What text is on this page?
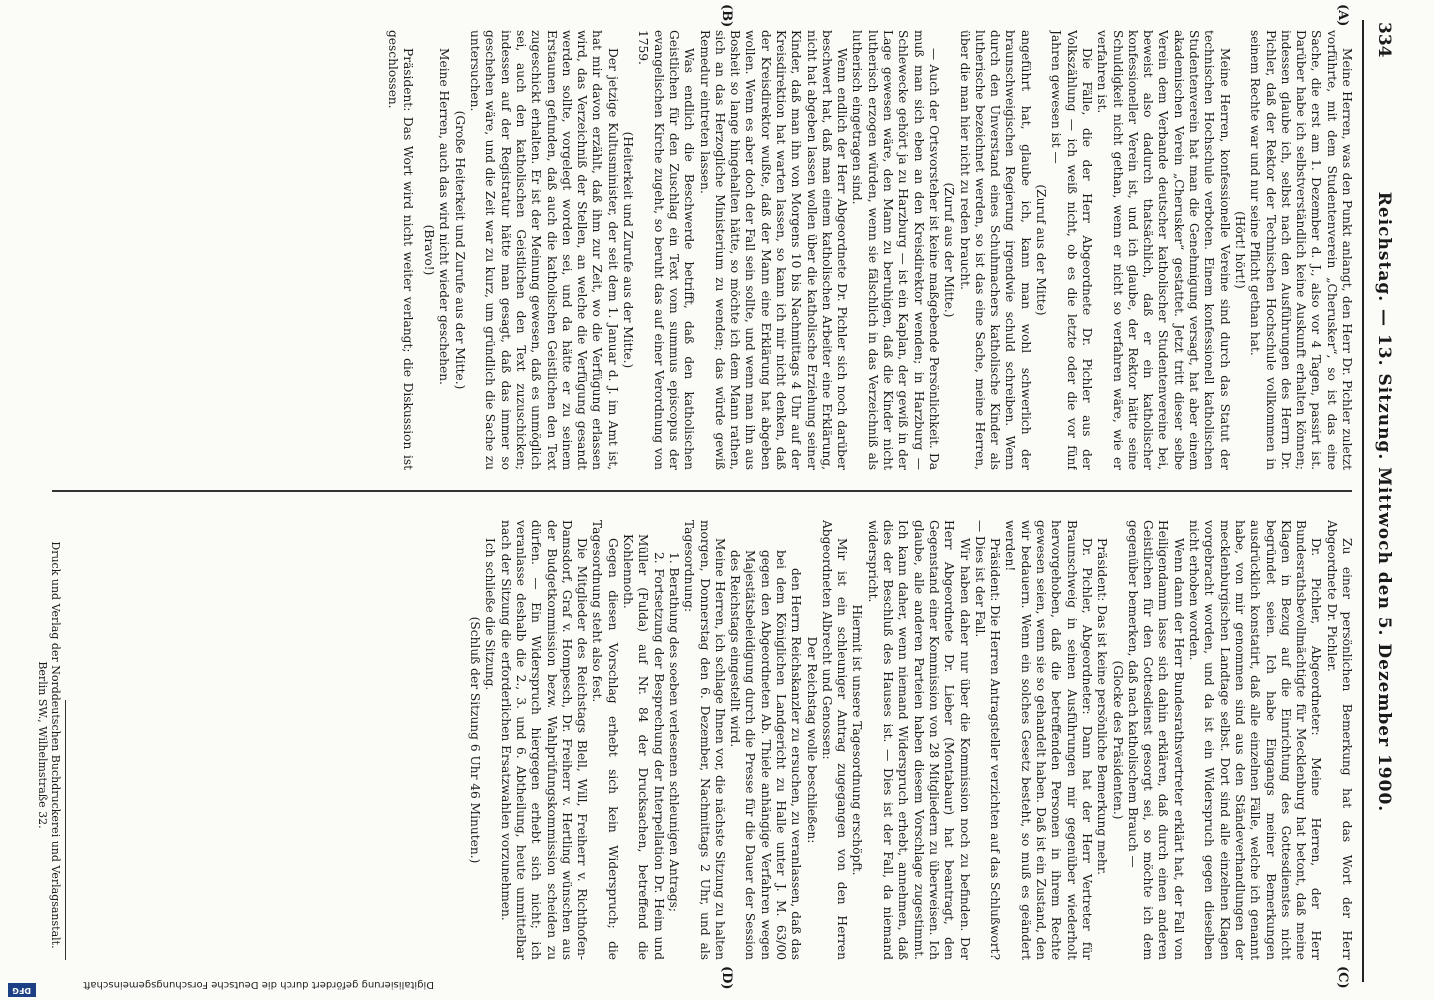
334
Reichstag. — 13. Sitzung. Mittwoch den 5. Dezember 1900.
(A)
(B)
(C)
(D)

Meine Herren, was den Punkt anlangt, den Herr Dr. Pichler zuletzt vorführte, mit dem Studentenverein „Cherusker“, so ist das eine Sache, die erst am 1. Dezember d. J., also vor 4 Tagen, passirt ist. Darüber habe ich selbstverständlich keine Auskunft erhalten können; indessen glaube ich, selbst nach den Ausführungen des Herrn Dr. Pichler, daß der Rektor der Technischen Hochschule vollkommen in seinem Rechte war und nur seine Pflicht gethan hat.

(Hört! hört!)

Meine Herren, konfessionelle Vereine sind durch das Statut der technischen Hochschule verboten. Einem konfessionell katholischen Studentenverein hat man die Genehmigung versagt, hat aber einem akademischen Verein „Cherusker“ gestattet. Jetzt tritt dieser selbe Verein dem Verbande deutscher katholischer Studentenvereine bei, beweist also dadurch thatsächlich, daß er ein katholischer konfessioneller Verein ist, und ich glaube, der Rektor hätte seine Schuldigkeit nicht gethan, wenn er nicht so verfahren wäre, wie er verfahren ist.

Die Fälle, die der Herr Abgeordnete Dr. Pichler aus der Volkszählung — ich weiß nicht, ob es die letzte oder die vor fünf Jahren gewesen ist —

(Zuruf aus der Mitte)

angeführt hat, glaube ich, kann man wohl schwerlich der braunschweigischen Regierung irgendwie schuld schreiben. Wenn durch den Unverstand eines Schuhmachers katholische Kinder als lutherische bezeichnet werden, so ist das eine Sache, meine Herren, über die man hier nicht zu reden braucht.

(Zuruf aus der Mitte.)

— Auch der Ortsvorsteher ist keine maßgebende Persönlichkeit. Da muß man sich eben an den Kreisdirektor wenden; in Harzburg — Schlewecke gehört ja zu Harzburg — ist ein Kaplan, der gewiß in der Lage gewesen wäre, den Mann zu beruhigen, daß die Kinder nicht lutherisch erzogen würden, wenn sie fälschlich in das Verzeichniß als lutherisch eingetragen sind.

Wenn endlich der Herr Abgeordnete Dr. Pichler sich noch darüber beschwert hat, daß man einem katholischen Arbeiter eine Erklärung, nicht hat abgeben lassen wollen über die katholische Erziehung seiner Kinder, daß man ihn von Morgens 10 bis Nachmittags 4 Uhr auf der Kreisdirektion hat warten lassen, so kann ich mir nicht denken, daß der Kreisdirektor wußte, daß der Mann eine Erklärung hat abgeben wollen. Wenn es aber doch der Fall sein sollte, und wenn man ihn aus Bosheit so lange hingehalten hätte, so möchte ich dem Mann rathen, sich an das Herzogliche Ministerium zu wenden; das würde gewiß Remedur eintreten lassen.

Was endlich die Beschwerde betrifft, daß den katholischen Geistlichen für den Zuschlag ein Text vom summus episcopus der evangelischen Kirche zugeht, so beruht das auf einer Verordnung von 1759.

(Heiterkeit und Zurufe aus der Mitte.)

Der jetzige Kultusminister, der seit dem 1. Januar d. J. im Amt ist, hat mir davon erzählt, daß ihm zur Zeit, wo die Verfügung erlassen wird, das Verzeichniß der Stellen, an welche die Verfügung gesandt werden sollte, vorgelegt worden sei, und da hätte er zu seinem Erstaunen gefunden, daß auch die katholischen Geistlichen den Text zugeschickt erhalten. Er ist der Meinung gewesen, daß es unmöglich sei, auch den katholischen Geistlichen den Text zuzuschicken; indessen auf der Registratur hätte man gesagt, daß das immer so geschehen wäre, und die Zeit war zu kurz, um gründlich die Sache zu untersuchen.

(Große Heiterkeit und Zurufe aus der Mitte.)

Meine Herren, auch das wird nicht wieder geschehen.

(Bravo!)

Präsident: Das Wort wird nicht weiter verlangt; die Diskussion ist geschlossen.

Zu einer persönlichen Bemerkung hat das Wort der Herr Abgeordnete Dr. Pichler.

Dr. Pichler, Abgeordneter: Meine Herren, der Herr Bundesrathsbevollmächtigte für Mecklenburg hat betont, daß meine Klagen in Bezug auf die Einrichtung des Gottesdienstes nicht begründet seien. Ich habe Eingangs meiner Bemerkungen ausdrücklich konstatirt, daß alle einzelnen Fälle, welche ich genannt habe, von mir genommen sind aus den Ständeverhandlungen der mecklenburgischen Landtage selbst. Dort sind alle einzelnen Klagen vorgebracht worden, und da ist ein Widerspruch gegen dieselben nicht erhoben worden.

Wenn dann der Herr Bundesrathsvertreter erklärt hat, der Fall von Heiligendamm lasse sich dahin erklären, daß durch einen anderen Geistlichen für den Gottesdienst gesorgt sei, so möchte ich dem gegenüber bemerken, daß nach katholischem Brauch —

(Glocke des Präsidenten.)

Präsident: Das ist keine persönliche Bemerkung mehr.

Dr. Pichler, Abgeordneter: Dann hat der Herr Vertreter für Braunschweig in seinen Ausführungen mir gegenüber wiederholt hervorgehoben, daß die betreffenden Personen in ihrem Rechte gewesen seien, wenn sie so gehandelt haben. Daß ist ein Zustand, den wir bedauern. Wenn ein solches Gesetz besteht, so muß es geändert werden!

Präsident: Die Herren Antragsteller verzichten auf das Schlußwort? — Dies ist der Fall.

Wir haben daher nur über die Kommission noch zu befinden. Der Herr Abgeordnete Dr. Lieber (Montabaur) hat beantragt, den Gegenstand einer Kommission von 28 Mitgliedern zu überweisen. Ich glaube, alle anderen Parteien haben diesem Vorschlage zugestimmt. Ich kann daher, wenn niemand Widerspruch erhebt, annehmen, daß dies der Beschluß des Hauses ist. — Dies ist der Fall, da niemand widerspricht.

Hiermit ist unsere Tagesordnung erschöpft.

Mir ist ein schleuniger Antrag zugegangen von den Herren Abgeordneten Albrecht und Genossen:

Der Reichstag wolle beschließen:

den Herrn Reichskanzler zu ersuchen, zu veranlassen, daß das bei dem Königlichen Landgericht zu Halle unter J. M. 63/00 gegen den Abgeordneten Ab. Thiele anhängige Verfahren wegen Majestätsbeleidigung durch die Presse für die Dauer der Session des Reichstags eingestellt wird.

Meine Herren, ich schlage Ihnen vor, die nächste Sitzung zu halten morgen, Donnerstag den 6. Dezember, Nachmittags 2 Uhr, und als Tagesordnung:

1. Berathung des soeben verlesenen schleunigen Antrags;

2. Fortsetzung der Besprechung der Interpellation Dr. Heim und Müller (Fulda) auf Nr. 84 der Drucksachen, betreffend die Kohlennoth.

Gegen diesen Vorschlag erhebt sich kein Widerspruch; die Tagesordnung steht also fest.

Die Mitglieder des Reichstags Blell, Will, Freiherr v. Richthofen-Damsdorf, Graf v. Hompesch, Dr. Freiherr v. Hertling wünschen aus der Budgetkommission bezw. Wahlprüfungskommission scheiden zu dürfen. — Ein Widerspruch hiergegen erhebt sich nicht; ich veranlasse deshalb die 2., 3. und 6. Abtheilung, heute unmittelbar nach der Sitzung die erforderlichen Ersatzwahlen vorzunehmen.

Ich schließe die Sitzung.

(Schluß der Sitzung 6 Uhr 46 Minuten.)

Druck und Verlag der Norddeutschen Buchdruckerei und Verlagsanstalt.
Berlin SW., Wilhelmstraße 32.
Digitalisierung gefördert durch die Deutsche Forschungsgemeinschaft
DFG
